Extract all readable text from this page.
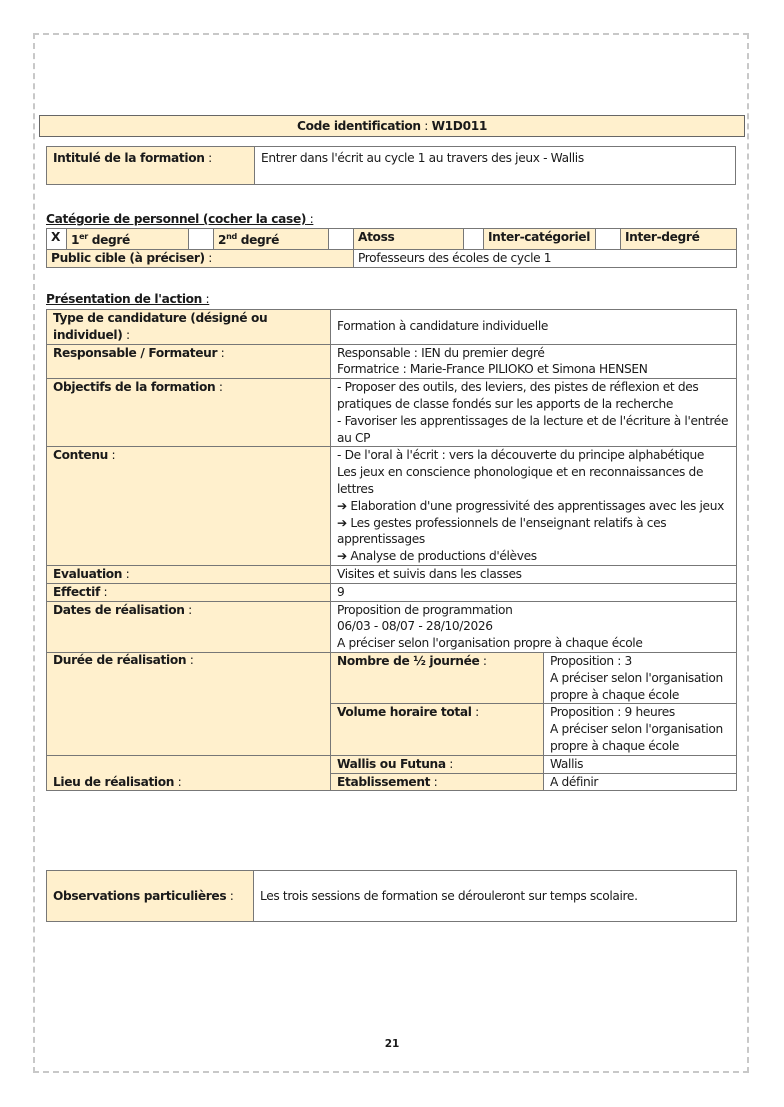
Code identification : W1D011
Intitulé de la formation :	Entrer dans l'écrit au cycle 1 au travers des jeux - Wallis
Catégorie de personnel (cocher la case) :
X	1er degré		2nd degré		Atoss		Inter-catégoriel		Inter-degré
Public cible (à préciser) :					Professeurs des écoles de cycle 1				
Présentation de l'action :
Type de candidature (désigné ou individuel) :	Formation à candidature individuelle	
Responsable / Formateur :	Responsable : IEN du premier degré
Formatrice : Marie-France PILIOKO et Simona HENSEN	

Objectifs de la formation :	- Proposer des outils, des leviers, des pistes de réflexion et des pratiques de classe fondés sur les apports de la recherche
- Favoriser les apprentissages de la lecture et de l'écriture à l'entrée au CP	

Contenu :	- De l'oral à l'écrit : vers la découverte du principe alphabétique
Les jeux en conscience phonologique et en reconnaissances de lettres
➔ Elaboration d'une progressivité des apprentissages avec les jeux
➔ Les gestes professionnels de l'enseignant relatifs à ces apprentissages
➔ Analyse de productions d'élèves	

Evaluation :	Visites et suivis dans les classes	
Effectif :	9	
Dates de réalisation :	Proposition de programmation
06/03 - 08/07 - 28/10/2026
A préciser selon l'organisation propre à chaque école	

Durée de réalisation :	Nombre de ½ journée :	Proposition : 3
A préciser selon l'organisation propre à chaque école

	Volume horaire total :	Proposition : 9 heures
A préciser selon l'organisation propre à chaque école

Lieu de réalisation :	Wallis ou Futuna :	Wallis
	Etablissement :	A définir
Observations particulières :	Les trois sessions de formation se dérouleront sur temps scolaire.
21
